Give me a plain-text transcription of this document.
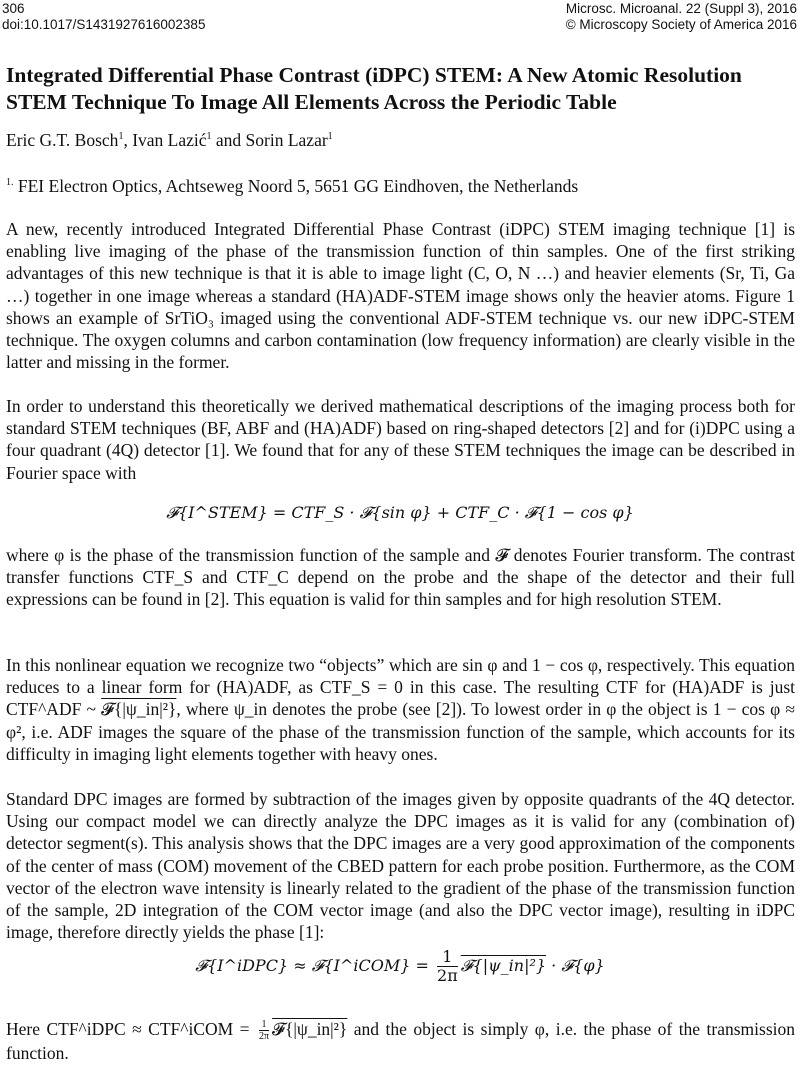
306
doi:10.1017/S1431927616002385
Microsc. Microanal. 22 (Suppl 3), 2016
© Microscopy Society of America 2016
Integrated Differential Phase Contrast (iDPC) STEM: A New Atomic Resolution STEM Technique To Image All Elements Across the Periodic Table
Eric G.T. Bosch$^1$, Ivan Lazić$^1$ and Sorin Lazar$^1$
$^{1.}$ FEI Electron Optics, Achtseweg Noord 5, 5651 GG Eindhoven, the Netherlands

A new, recently introduced Integrated Differential Phase Contrast (iDPC) STEM imaging technique [1] is enabling live imaging of the phase of the transmission function of thin samples. One of the first striking advantages of this new technique is that it is able to image light (C, O, N …) and heavier elements (Sr, Ti, Ga …) together in one image whereas a standard (HA)ADF-STEM image shows only the heavier atoms. Figure 1 shows an example of SrTiO₃ imaged using the conventional ADF-STEM technique vs. our new iDPC-STEM technique. The oxygen columns and carbon contamination (low frequency information) are clearly visible in the latter and missing in the former.

In order to understand this theoretically we derived mathematical descriptions of the imaging process both for standard STEM techniques (BF, ABF and (HA)ADF) based on ring-shaped detectors [2] and for (i)DPC using a four quadrant (4Q) detector [1]. We found that for any of these STEM techniques the image can be described in Fourier space with

𝓕{I^STEM} = CTF_S · 𝓕{sin φ} + CTF_C · 𝓕{1 − cos φ}

where φ is the phase of the transmission function of the sample and 𝓕 denotes Fourier transform. The contrast transfer functions CTF_S and CTF_C depend on the probe and the shape of the detector and their full expressions can be found in [2]. This equation is valid for thin samples and for high resolution STEM.

In this nonlinear equation we recognize two “objects” which are sin φ and 1 − cos φ, respectively. This equation reduces to a linear form for (HA)ADF, as CTF_S = 0 in this case. The resulting CTF for (HA)ADF is just CTF^ADF ~ 𝓕{|ψ_in|²}, where ψ_in denotes the probe (see [2]). To lowest order in φ the object is 1 − cos φ ≈ φ², i.e. ADF images the square of the phase of the transmission function of the sample, which accounts for its difficulty in imaging light elements together with heavy ones.

Standard DPC images are formed by subtraction of the images given by opposite quadrants of the 4Q detector. Using our compact model we can directly analyze the DPC images as it is valid for any (combination of) detector segment(s). This analysis shows that the DPC images are a very good approximation of the components of the center of mass (COM) movement of the CBED pattern for each probe position. Furthermore, as the COM vector of the electron wave intensity is linearly related to the gradient of the phase of the transmission function of the sample, 2D integration of the COM vector image (and also the DPC vector image), resulting in iDPC image, therefore directly yields the phase [1]:

𝓕{I^iDPC} ≈ 𝓕{I^iCOM} = $\frac{1}{2\pi}$ 𝓕{|ψ_in|²} · 𝓕{φ}

Here CTF^iDPC ≈ CTF^iCOM = $\frac{1}{2\pi}$ 𝓕{|ψ_in|²} and the object is simply φ, i.e. the phase of the transmission function.
